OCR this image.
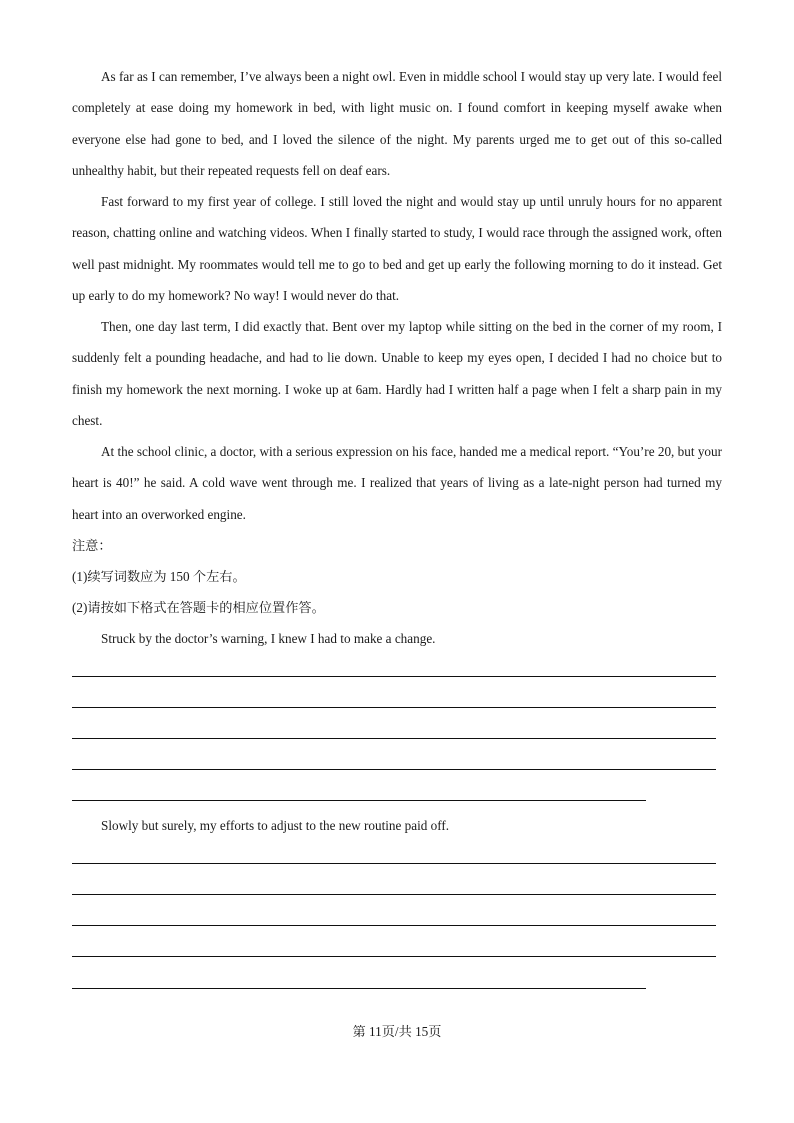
As far as I can remember, I’ve always been a night owl. Even in middle school I would stay up very late. I would feel completely at ease doing my homework in bed, with light music on. I found comfort in keeping myself awake when everyone else had gone to bed, and I loved the silence of the night. My parents urged me to get out of this so-called unhealthy habit, but their repeated requests fell on deaf ears.

Fast forward to my first year of college. I still loved the night and would stay up until unruly hours for no apparent reason, chatting online and watching videos. When I finally started to study, I would race through the assigned work, often well past midnight. My roommates would tell me to go to bed and get up early the following morning to do it instead. Get up early to do my homework? No way! I would never do that.

Then, one day last term, I did exactly that. Bent over my laptop while sitting on the bed in the corner of my room, I suddenly felt a pounding headache, and had to lie down. Unable to keep my eyes open, I decided I had no choice but to finish my homework the next morning. I woke up at 6am. Hardly had I written half a page when I felt a sharp pain in my chest.

At the school clinic, a doctor, with a serious expression on his face, handed me a medical report. “You’re 20, but your heart is 40!” he said. A cold wave went through me. I realized that years of living as a late-night person had turned my heart into an overworked engine.

注意：

(1)续写词数应为 150 个左右。

(2)请按如下格式在答题卡的相应位置作答。

Struck by the doctor’s warning, I knew I had to make a change.

Slowly but surely, my efforts to adjust to the new routine paid off.

第 11页/共 15页
